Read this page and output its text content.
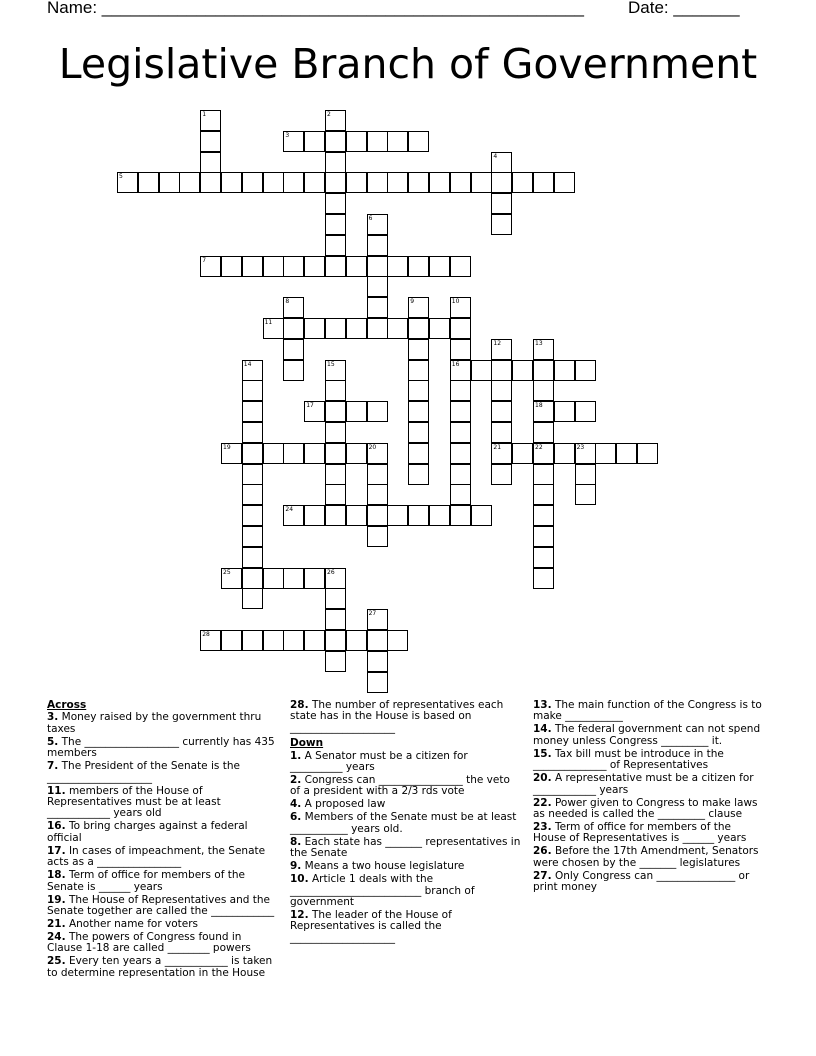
Name: ___________________________________________________	Date: _______
Legislative Branch of Government
1	2
3
4
5
6
7
8	9	10
16
11
12
21
13
18
14	15
17
19	20	22	23
24
25	26
27
28
Across
3. Money raised by the government thru taxes
5. The __________________ currently has 435 members
7. The President of the Senate is the ____________________
11. members of the House of Representatives must be at least ____________ years old
16. To bring charges against a federal official
17. In cases of impeachment, the Senate acts as a ________________
18. Term of office for members of the Senate is ______ years
19. The House of Representatives and the Senate together are called the ____________
21. Another name for voters
24. The powers of Congress found in Clause 1-18 are called ________ powers
25. Every ten years a ____________ is taken to determine representation in the House
28. The number of representatives each state has in the House is based on ____________________
Down
1. A Senator must be a citizen for __________ years
2. Congress can ________________ the veto of a president with a 2/3 rds vote
4. A proposed law
6. Members of the Senate must be at least ___________ years old.
8. Each state has _______ representatives in the Senate
9. Means a two house legislature
10. Article 1 deals with the _________________________ branch of government
12. The leader of the House of Representatives is called the ____________________
13. The main function of the Congress is to make ___________
14. The federal government can not spend money unless Congress _________ it.
15. Tax bill must be introduce in the ______________ of Representatives
20. A representative must be a citizen for ____________ years
22. Power given to Congress to make laws as needed is called the _________ clause
23. Term of office for members of the House of Representatives is ______ years
26. Before the 17th Amendment, Senators were chosen by the _______ legislatures
27. Only Congress can _______________ or print money
